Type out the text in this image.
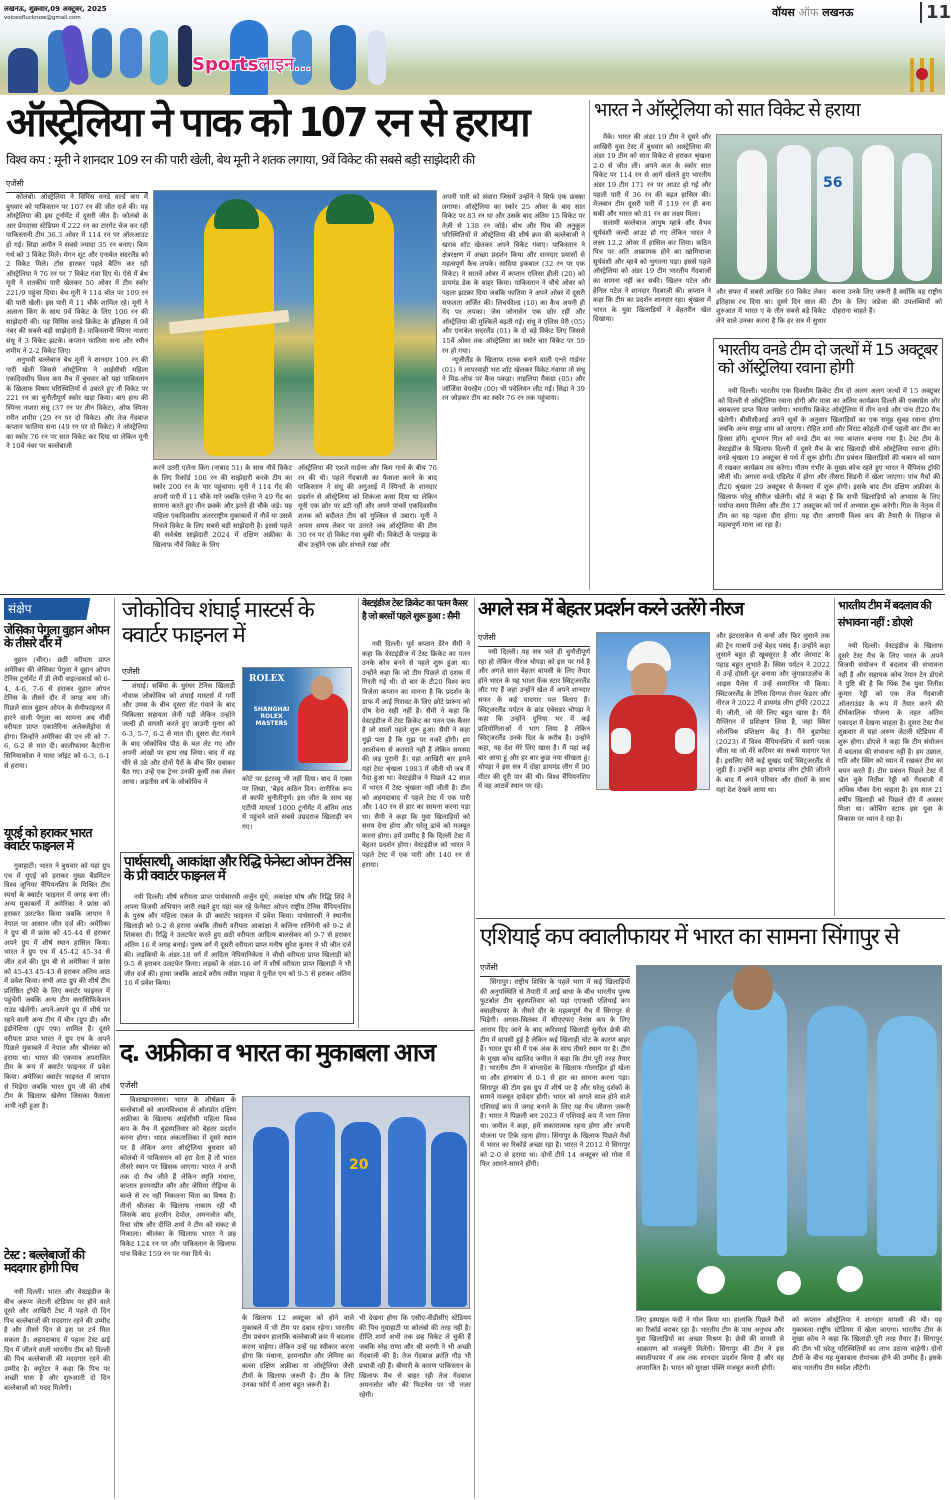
लखनऊ, शुक्रवार,09 अक्टूबर, 2025
voiceoflucknow@gmail.com
Sportsलाइन...
वॉयस ऑफ लखनऊ	11
ऑस्ट्रेलिया ने पाक को 107 रन से हराया
विश्व कप : मूनी ने शानदार 109 रन की पारी खेली, बेथ मूनी ने शतक लगाया, 9वें विकेट की सबसे बड़ी साझेदारी की
एजेंसी

कोलंबो। ऑस्ट्रेलिया ने विमिंस वनडे वर्ल्ड कप में बुधवार को पाकिस्तान पर 107 रन की जीत दर्ज की। यह ऑस्ट्रेलिया की इस टूर्नामेंट में दूसरी जीत है। कोलंबो के आर प्रेमदासा स्टेडियम में 222 रन का टारगेट चेज कर रही पाकिस्तानी टीम 36.3 ओवर में 114 रन पर ऑलआउट हो गई। सिद्रा अमीन ने सबसे ज्यादा 35 रन बनाए। किम गर्थ को 3 विकेट मिले। मेगन शूट और एनाबेल सदरलैंड को 2 विकेट मिले। टॉस हारकर पहले बैटिंग कर रही ऑस्ट्रेलिया ने 76 रन पर 7 विकेट गंवा दिए थे। ऐसे में बेथ मूनी ने शतकीय पारी खेलकर 50 ओवर में टीम स्कोर 221/9 पहुंचा दिया। बेथ मूनी ने 114 बॉल पर 109 रन की पारी खेली। इस पारी में 11 चौके शामिल रहे। मूनी ने अलाना किंग के साथ 9वें विकेट के लिए 106 रन की साझेदारी की। यह विमिंस वनडे क्रिकेट के इतिहास में 9वें नंबर की सबसे बड़ी साझेदारी है। पाकिस्तानी स्पिनर नाशरा संधू ने 3 विकेट झटके। कप्तान फातिमा सना और रमीन शमीम ने 2-2 विकेट लिए।

अनुभवी बल्लेबाज बेथ मूनी ने शानदार 109 रन की पारी खेली जिससे ऑस्ट्रेलिया ने आईसीसी महिला एकदिवसीय विश्व कप मैच में बुधवार को यहां पाकिस्तान के खिलाफ विषम परिस्थितियों से उबरते हुए नौ विकेट पर 221 रन का चुनौतीपूर्ण स्कोर खड़ा किया। बाएं हाथ की स्पिनर नाशरा संधू (37 रन पर तीन विकेट), ऑफ स्पिनर रमीन शमीम (29 रन पर दो विकेट) और तेज गेंदबाज कप्तान फातिमा सना (49 रन पर दो विकेट) ने ऑस्ट्रेलिया का स्कोर 76 रन पर सात विकेट कर दिया था लेकिन मूनी ने 10वें नंबर पर बल्लेबाजी

करने उतरी एलेना किंग (नाबाद 51) के साथ नौवें विकेट के लिए रिकॉर्ड 106 रन की साझेदारी करके टीम का स्कोर 200 रन के पार पहुंचाया। मूनी ने 114 गेंद की अपनी पारी में 11 चौके मारे जबकि एलेना ने 49 गेंद का सामना करते हुए तीन छक्के और इतने ही चौके जड़े। यह महिला एकदिवसीय अंतरराष्ट्रीय मुकाबलों में नौवें या उससे निचले विकेट के लिए सबसे बड़ी साझेदारी है। इससे पहले की सर्वश्रेष्ठ साझेदारी 2024 में दक्षिण अफ्रीका के खिलाफ नौवें विकेट के लिए

ऑस्ट्रेलिया की एशले गार्डनर और किम गार्थ के बीच 76 रन की थी। पहले गेंदबाजी का फैसला करने के बाद पाकिस्तान ने संधू की अगुआई में स्पिनरों के शानदार प्रदर्शन से ऑस्ट्रेलिया को शिकंजा कसा दिया था लेकिन मूनी एक छोर पर डटी रहीं और अपने पांचवें एकदिवसीय शतक को बदौलत टीम को मुश्किल से उबारा। मूनी ने अपना समय लेकर पर उतरते जब ऑस्ट्रेलिया की टीम 30 रन पर दो विकेट गंवा चुकी थी। विकेटों के पतझड़ के बीच उन्होंने एक छोर संभाले रखा और

अपनी पारी को संवारा जिसमें उन्होंने ने सिर्फ एक छक्का लगाया। ऑस्ट्रेलिया का स्कोर 25 ओवर के बाद सात विकेट पर 83 रन था और उसके बाद अंतिम 15 विकेट पर तेज़ी से 138 रन जोड़े। बोथ और पिच की अनुकूल परिस्थितियों में ऑस्ट्रेलिया की शीर्ष क्रम की बल्लेबाजी ने खराब शॉट खेलकर अपने विकेट गंवाए। पाकिस्तान ने क्षेत्ररक्षण में अच्छा प्रदर्शन किया और शानदार प्रयासों से महत्वपूर्ण कैच लपके। सादिया इकबाल (32 रन पर एक विकेट) ने सातवें ओवर में कप्तान एलिसा हीली (20) को डायमंड डेक के बाहर किया। पाकिस्तान ने चौथे ओवर को पहला झटका दिया जबकि फातिमा ने अपने ओवर में दूसरी सफलता अर्जित की। लिचफील्ड (10) का कैच अपनी ही गेंद पर लपका। जेस जोनासेन एक छोर रहीं और ऑस्ट्रेलिया की मुश्किलें बढ़ती गई। संधू ने एलिस पेरी (05) और एनाबेल सदरलैंड (01) के दो बड़े विकेट लिए जिससे 15वें ओवर तक ऑस्ट्रेलिया का स्कोर चार विकेट पर 59 रन हो गया।

न्यूजीलैंड के खिलाफ शतक बनाने वाली एश्ले गार्डनर (01) ने लापरवाही भरा शॉट खेलकर विकेट गंवाया तो संधू ने मिड-ऑफ पर कैच पकड़ा। ताहलिया मैकग्रा (05) और जॉर्जिया वेयरहैम (00) भी पवेलियन लौट गईं। सिद्रा ने 39 रन जोड़कर टीम का स्कोर 76 रन तक पहुंचाया।

भारत ने ऑस्ट्रेलिया को सात विकेट से हराया

मैके। भारत की अंडर 19 टीम ने दूसरे और आखिरी युवा टेस्ट में बुधवार को आस्ट्रेलिया की अंडर 19 टीम को सात विकेट से हराकर श्रृंखला 2-0 से जीत ली। अपने कल के स्कोर सात विकेट पर 114 रन से आगे खेलते हुए भारतीय अंडर 19 टीम 171 रन पर आउट हो गई और पहली पारी में 36 रन की बढ़त हासिल की। मेजबान टीम दूसरी पारी में 119 रन ही बना सकी और भारत को 81 रन का लक्ष्य मिला।

सलामी बल्लेबाज आयुष म्हात्रे और वैभव सूर्यवंशी जल्दी आउट हो गए लेकिन भारत ने लक्ष्य 12.2 ओवर में हासिल कर लिया। कठिन पिच पर अति आक्रामक होने का खामियाजा सूर्यवंशी और म्हात्रे को भुगतना पड़ा। इससे पहले ऑस्ट्रेलिया को अंडर 19 टीम भारतीय गेंदबाजों का सामना नहीं कर सकी। खिलन पटेल और हेनिल पटेल ने शानदार गेंदबाजी की। कप्तान ने कहा कि टीम का प्रदर्शन शानदार रहा। श्रृंखला में भारत के युवा खिलाड़ियों ने बेहतरीन खेल दिखाया।

56

और सफर में सबसे आखिर 69 विकेट लेकर इतिहास रच दिया था। दूसरे दिन साल की शुरुआत में भारत ए के तीन सबसे बड़े विकेट लेने वाले उनका करना है कि हर सत्र में सुधार करना उनके लिए जरूरी है क्योंकि वह राष्ट्रीय टीम के लिए जडेजा की उपलब्धियों को दोहराना चाहते हैं।

भारतीय वनडे टीम दो जत्थों में 15 अक्टूबर को ऑस्ट्रेलिया रवाना होगी

नयी दिल्ली। भारतीय एक दिवसीय क्रिकेट टीम दो अलग अलग जत्थों में 15 अक्टूबर को दिल्ली से ऑस्ट्रेलिया रवाना होगी और यात्रा का अंतिम कार्यक्रम दिल्ली की एक्सप्रेस ओर बसबल्ला प्राप्त किया जायेगा। भारतीय क्रिकेट ऑस्ट्रेलिया में तीन वनडे और पांच टी20 मैच खेलेगी। बीसीसीआई अपने सूत्रों के अनुसार खिलाड़ियों का एक समूह सुबह रवाना होगा जबकि अन्य समूह शाम को जाएगा। रोहित शर्मा और विराट कोहली दोनों पहली बार टीम का हिस्सा होंगे। शुभमन गिल को वनडे टीम का नया कप्तान बनाया गया है। टेस्ट टीम के वेस्टइंडीज के खिलाफ दिल्ली में दूसरे मैच के बाद खिलाड़ी सीधे ऑस्ट्रेलिया रवाना होंगे। वनडे श्रृंखला 19 अक्टूबर से पर्थ में शुरू होगी। टीम प्रबंधन खिलाड़ियों की थकान को ध्यान में रखकर कार्यक्रम तय करेगा। गौतम गंभीर के मुख्य कोच रहते हुए भारत ने चैंपियंस ट्रॉफी जीती थी। अगला वनडे एडिलेड में होगा और तीसरा सिडनी में खेला जाएगा। पांच मैचों की टी20 श्रृंखला 29 अक्टूबर से कैनबरा में शुरू होगी। इसके बाद टीम दक्षिण अफ्रीका के खिलाफ घरेलू सीरीज खेलेगी। बोर्ड ने कहा है कि सभी खिलाड़ियों को अभ्यास के लिए पर्याप्त समय मिलेगा और टीम 17 अक्टूबर को पर्थ में अभ्यास शुरू करेगी। गिल के नेतृत्व में टीम का यह पहला दौरा होगा। यह दौरा आगामी विश्व कप की तैयारी के लिहाज से महत्वपूर्ण माना जा रहा है।

संक्षेप
जेसिका पेगुला वुहान ओपन के तीसरे दौर में

वुहान (चीन)। छठी वरीयता प्राप्त अमेरिका की जेसिका पेगुला ने वुहान ओपन टेनिस टूर्नामेंट में डी लेयी वाइल्डकार्ड को 6-4, 4-6, 7-6 से हराकर वुहान ओपन टेनिस के तीसरे दौर में जगह बना ली। पिछले साल वुहान ओपन के सेमीफाइनल में हारने वाली पेगुला का सामना अब नौवीं वरीयता प्राप्त एकातेरिना अलेक्जेंड्रोवा से होगा। जिन्होंने अमेरिका की एन ली को 7-6, 6-2 से मात दी। कालीफायर कैटरीना सिनियाकोवा ने माया जॉइंट को 6-3, 6-1 से हराया।

यूएई को हराकर भारत क्वार्टर फाइनल में

गुवाहाटी। भारत ने बुधवार को यहां ग्रुप एच में यूएई को हराकर मुख्य बैडमिंटन विश्व जूनियर चैंपियनशिप के मिश्रित टीम स्पर्धा के क्वार्टर फाइनल में जगह बना ली। अन्य मुकाबलों में अमेरिका ने फ्रांस को हराकर उलटफेर किया जबकि जापान ने नेपाल पर आसान जीत दर्ज की। अमेरिका ने ग्रुप बी में फ्रांस को 45-44 से हराकर अपने ग्रुप में शीर्ष स्थान हासिल किया। भारत ने ग्रुप एच में 45-42 45-34 से जीत दर्ज की। ग्रुप बी से अमेरिका ने फ्रांस को 45-43 45-43 से हराकर अंतिम आठ में प्रवेश किया। सभी आठ ग्रुप की शीर्ष टीम प्रतिष्ठित ट्रॉफी के लिए क्वार्टर फाइनल में पहुंचेंगी जबकि अन्य टीम क्लासिफिकेशन राउंड खेलेंगी। अपने-अपने ग्रुप में शीर्ष पर रहने वाली अन्य टीम में चीन (ग्रुप डी) और इंडोनेशिया (ग्रुप एफ) शामिल हैं। दूसरे वरीयता प्राप्त भारत ने ग्रुप एच के अपने पिछले मुकाबले में नेपाल और श्रीलंका को हराया था। भारत की एकमात्र अपराजित टीम के रूप में क्वार्टर फाइनल में प्रवेश किया। अमेरिका क्वार्टर फाइनल में जापान से भिड़ेगा जबकि भारत ग्रुप जी की शीर्ष टीम के खिलाफ खेलेगा जिसका फैसला अभी नहीं हुआ है।

टेस्ट : बल्लेबाजों की मददगार होगी पिच

नयी दिल्ली। भारत और वेस्टइंडीज के बीच अरूण जेटली स्टेडियम पर होने वाले दूसरे और आखिरी टेस्ट में पहले दो दिन पिच बल्लेबाजों की मददगार रहने की उम्मीद है और तीसरे दिन से इस पर टर्न मिल सकता है। अहमदाबाद में पहला टेस्ट ढाई दिन में जीतने वाली भारतीय टीम को दिल्ली की पिच बल्लेबाजी की मददगार रहने की उम्मीद है। क्यूरेटर ने कहा कि पिच पर अच्छी घास है और शुरुआती दो दिन बल्लेबाजों को मदद मिलेगी।

जोकोविच शंघाई मास्टर्स के क्वार्टर फाइनल में
एजेंसी

शंघाई। सर्बिया के धुरंधर टेनिस खिलाड़ी नोवाक जोकोविच को शंघाई मास्टर्स में गर्मी और उमस के बीच दूसरा सेट गंवाने के बाद चिकित्सा सहायता लेनी पड़ी लेकिन उन्होंने जल्दी ही वापसी करते हुए जाउमी मुनार को 6-3, 5-7, 6-2 से मात दी। दूसरा सेट गंवाने के बाद जोकोविच पीठ के बल लेट गए और अपनी आंखों पर हाथ रख लिया। बाद में वह धीरे से उठे और दोनों पैरों के बीच सिर दबाकर बैठ गए। उन्हें एक ट्रेनर उनकी कुर्सी तक लेकर आया। अड़तीस वर्ष के जोकोविच ने

ROLEX
SHANGHAI ROLEX MASTERS

कोर्ट पर इंटरव्यू भी नहीं दिया। बाद में एक्स पर लिखा, 'बेहद कठिन दिन। शारीरिक रूप से काफी चुनौतीपूर्ण। इस जीत के साथ वह एटीपी मास्टर्स 1000 टूर्नामेंट में अंतिम आठ में पहुंचने वाले सबसे उम्रदराज खिलाड़ी बन गए।

पार्थसारथी, आकांक्षा और रिद्धि फेनेस्टा ओपन टेनिस के प्री क्वार्टर फाइनल में

नयी दिल्ली। शीर्ष वरीयता प्राप्त पार्थसारथी अर्जुन मुंधे, अकांक्षा घोष और रिद्धि शिंदे ने अपना विजयी अभियान जारी रखते हुए यहां चल रहे फेनेस्टा ओपन राष्ट्रीय टेनिस चैंपियनशिप के पुरुष और महिला एकल के प्री क्वार्टर फाइनल में प्रवेश किया। पार्थसारथी ने स्थानीय खिलाड़ी को 9-2 से हराया जबकि तीसरी वरीयता आकांक्षा ने कलिना रानिंगेनी को 9-2 से शिकस्त दी। रिद्धि ने उलटफेर करते हुए छठी वरीयता आदित्य बालसेकर को 9-7 से हराकर अंतिम 16 में जगह बनाई। पुरुष वर्ग में दूसरी वरीयता प्राप्त मनीष सुरेश कुमार ने भी जीत दर्ज की। लड़कियों के अंडर-18 वर्ग में आदिता नेपियानिकेता ने चौथी वरीयता प्राप्त खिलाड़ी को 9-5 से हराकर उलटफेर किया। लड़कों के अंडर-16 वर्ग में शीर्ष वरीयता प्राप्त खिलाड़ी ने भी जीत दर्ज की। हाथा जबकि आठवें वरीय तवीश पाहवा ने पुनीत एम को 9-5 से हराकर अंतिम 16 में प्रवेश किया।

वेस्टइंडीज टेस्ट क्रिकेट का पतन कैसर है जो बरसों पहले शुरू हुआ : सैमी

नयी दिल्ली। पूर्व कप्तान डेरेन सैमी ने कहा कि वेस्टइंडीज में टेस्ट क्रिकेट का पतन उनके कोच बनने से पहले शुरू हुआ था। उन्होंने कहा कि जो टीम पिछले दो दशक में गिरती गई थी। दो बार के टी20 विश्व कप विजेता कप्तान का मानना है कि प्रदर्शन के ग्राफ में आई गिरावट के लिए छोटे प्रारूप को दोष देना सही नहीं है। सैमी ने कहा कि वेस्टइंडीज में टेस्ट क्रिकेट का पतन एक कैंसर है जो सालों पहले शुरू हुआ। सैमी ने कहा मुझे पता है कि मुझ पर नजरें होंगी। हम आलोचना से कतराते नहीं हैं लेकिन समस्या की जड़ पुरानी है। यहां आखिरी बार हमने यहां टेस्ट श्रृंखला 1983 में जीती थी जब मैं पैदा हुआ था। वेस्टइंडीज ने पिछले 42 साल में भारत में टेस्ट श्रृंखला नहीं जीती है। टीम को अहमदाबाद में पहले टेस्ट में एक पारी और 140 रन से हार का सामना करना पड़ा था। सैमी ने कहा कि युवा खिलाड़ियों को समय देना होगा और घरेलू ढांचे को मजबूत करना होगा। हमें उम्मीद है कि दिल्ली टेस्ट में बेहतर प्रदर्शन होगा। वेस्टइंडीज को भारत ने पहले टेस्ट में एक पारी और 140 रन से हराया।

अगले सत्र में बेहतर प्रदर्शन करने उतरेंगे नीरज
एजेंसी

नयी दिल्ली। यह सत्र भले ही चुनौतीपूर्ण रहा हो लेकिन नीरज चोपड़ा को इस पर गर्व है और अगले साल बेहतर वापसी के लिए तैयार होने भारत के यह भाला फेंक स्टार स्विट्जरलैंड लौट गए हैं जहां उन्होंने खेल में अपने शानदार सफर के कई यादगार पल बिताए हैं। स्विट्जरलैंड पर्यटन के ब्रांड एंबेसडर चोपड़ा ने कहा कि उन्होंने दुनिया भर में कई प्रतियोगिताओं में भाग लिया है लेकिन स्विट्जरलैंड उनके दिल के करीब है। उन्होंने कहा, यह देश मेरे लिए खास है। मैं यहां कई बार आया हूं और हर बार कुछ नया सीखता हूं। चोपड़ा ने इस सत्र में दोहा डायमंड लीग में 90 मीटर की दूरी पार की थी। विश्व चैंपियनशिप में वह आठवें स्थान पर रहे।

और इंटरलाकेन से बर्न्स और फिर लुसाने तक की ट्रेन यात्रायें उन्हें बेहद पसंद हैं। उन्होंने कहा लुसाने बहुत ही खूबसूरत है और जेरमाट के पहाड़ बहुत लुभाते हैं। स्विस पर्यटन ने 2022 में उन्हें दोस्ती दूत बनाया और जुंगफ्राउजोच के आइस पैलेस में उन्हें सम्मानित भी किया। स्विटजरलैंड के टेनिस दिग्गज रोजर फेडरर और नीरज ने 2022 में डायमंड लीग ट्रॉफी (2022 में) जीती, जो मेरे लिए बहुत खास है। मैंने मैग्लिंगन में प्रशिक्षण लिया है, जहां स्विस ओलंपिक प्रशिक्षण केंद्र है। मैंने बुडापेस्ट (2023) में विश्व चैंपियनशिप में स्वर्ण पदक जीता था जो मेरे करियर का सबसे यादगार पल है। इसलिए मेरी कई सुखद यादें स्विट्जरलैंड से जुड़ी हैं। उन्होंने कहा डायमंड लीग ट्रॉफी जीतने के बाद मैं अपने परिवार और दोस्तों के साथ यहां देश देखने आया था।

भारतीय टीम में बदलाव की संभावना नहीं : डोएशे

नयी दिल्ली। वेस्टइंडीज के खिलाफ दूसरे टेस्ट मैच के लिए भारत के अपने विजयी संयोजन में बदलाव की संभावना नहीं है और सहायक कोच रेयान टेन डोएशे ने पुष्टि की है कि थिंक टैंक युवा नितीश कुमार रेड्डी को एक तेज गेंदबाजी ऑलराउंडर के रूप में तैयार करने की दीर्घकालिक योजना के तहत अंतिम एकादश में देखना चाहता है। दूसरा टेस्ट मैच शुक्रवार से यहां अरुण जेटली स्टेडियम में शुरू होगा। डोएशे ने कहा कि टीम संयोजन में बदलाव की संभावना नहीं है। हम उछाल, गति और स्विंग को ध्यान में रखकर टीम का चयन करते हैं। टीम प्रबंधन पिछले टेस्ट में खेल चुके नितीश रेड्डी को गेंदबाजी में अधिक मौका देना चाहता है। इस साल 21 वर्षीय खिलाड़ी को पिछले दौरे में अवसर मिला था। कोचिंग स्टाफ इस युवा के विकास पर ध्यान दे रहा है।

एशियाई कप क्वालीफायर में भारत का सामना सिंगापुर से
एजेंसी

सिंगापुर। राष्ट्रीय शिविर के पहले भाग में कई खिलाड़ियों की अनुपस्थिति से तैयारी में आई बाधा के बीच भारतीय पुरुष फुटबॉल टीम बृहस्पतिवार को यहां एएफसी एशियाई कप क्वालीफायर के तीसरे दौर के महत्वपूर्ण मैच में सिंगापुर से भिड़ेगी। अगस्त-सितंबर में सीएएफए नेशंस कप के लिए आराम दिए जाने के बाद करिश्माई खिलाड़ी सुनील छेत्री की टीम में वापसी हुई है लेकिन कई खिलाड़ी चोट के कारण बाहर हैं। भारत ग्रुप सी में एक अंक के साथ तीसरे स्थान पर है। टीम के मुख्य कोच खालिद जमील ने कहा कि टीम पूरी तरह तैयार है। भारतीय टीम ने बांग्लादेश के खिलाफ गोलरहित ड्रॉ खेला था और हांगकांग से 0-1 से हार का सामना करना पड़ा। सिंगापुर की टीम इस ग्रुप में शीर्ष पर है और घरेलू दर्शकों के सामने मजबूत दावेदार होगी। भारत को अगले साल होने वाले एशियाई कप में जगह बनाने के लिए यह मैच जीतना जरूरी है। भारत ने पिछली बार 2023 में एशियाई कप में भाग लिया था। जमील ने कहा, हमें सकारात्मक रहना होगा और अपनी योजना पर टिके रहना होगा। सिंगापुर के खिलाफ पिछले मैचों में भारत का रिकॉर्ड अच्छा रहा है। भारत ने 2012 में सिंगापुर को 2-0 से हराया था। दोनों टीमें 14 अक्टूबर को गोवा में फिर आमने-सामने होंगी।

लिए इस्माइल फंदी ने गोल किया था। हालांकि पिछले मैचों का रिकॉर्ड बराबर रहा है। भारतीय टीम के पास अनुभव और युवा खिलाड़ियों का अच्छा मिश्रण है। छेत्री की वापसी से आक्रमण को मजबूती मिलेगी। सिंगापुर की टीम ने इस क्वालीफायर में अब तक शानदार प्रदर्शन किया है और वह अपराजित है। भारत को सुरक्षा पंक्ति मजबूत करनी होगी।

को कप्तान ऑस्ट्रेलिया ने शानदार वापसी की थी। यह मुकाबला राष्ट्रीय स्टेडियम में खेला जाएगा। भारतीय टीम के मुख्य कोच ने कहा कि खिलाड़ी पूरी तरह तैयार हैं। सिंगापुर की टीम भी घरेलू परिस्थितियों का लाभ उठाना चाहेगी। दोनों टीमों के बीच यह मुकाबला रोमांचक होने की उम्मीद है। इसके बाद भारतीय टीम स्वदेश लौटेगी।

द. अफ्रीका व भारत का मुकाबला आज
एजेंसी

विशाखापत्तनम। भारत के शीर्षक्रम के बल्लेबाजों को आत्मविश्वास से ओतप्रोत दक्षिण अफ्रीका के खिलाफ आईसीसी महिला विश्व कप के मैच में बृहस्पतिवार को बेहतर प्रदर्शन करना होगा। भारत अंकतालिका में दूसरे स्थान पर है लेकिन अगर ऑस्ट्रेलिया बुधवार को कोलंबो में पाकिस्तान को हरा देता है तो भारत तीसरे स्थान पर खिसक जाएगा। भारत ने अभी तक दो मैच जीते हैं लेकिन स्मृति मंधाना, कप्तान हरमनप्रीत कौर और जेमिमा रोड्रिग्स के बल्ले से रन नहीं निकलना चिंता का विषय है। तीनों श्रीलंका के खिलाफ नाकाम रही थी जिसके बाद हरलीन देयोल, अमनजोत कौर, रिचा घोष और दीप्ति शर्मा ने टीम को संकट से निकाला। श्रीलंका के खिलाफ भारत ने छह विकेट 124 रन पर और पाकिस्तान के खिलाफ पांच विकेट 159 रन पर गंवा दिये थे।

20

के खिलाफ 12 अक्टूबर को होने वाले मुकाबले में भी टीम पर दबाव रहेगा। भारतीय टीम प्रबंधन हालांकि बल्लेबाजी क्रम में बदलाव करना चाहेगा। लेकिन उन्हें यह स्वीकार करना होगा कि मंधाना, हरमनप्रीत और जेमिमा का बल्ला दक्षिण अफ्रीका या ऑस्ट्रेलिया जैसी टीमों के खिलाफ जरूरी है। टीम के लिए उनका फॉर्म में आना बहुत जरूरी है।

भी देखना होगा कि एसीए-वीडीसीए स्टेडियम की पिच गुवाहाटी या कोलंबो की तरह नहीं है। दीप्ति शर्मा अभी तक छह विकेट ले चुकी हैं जबकि स्नेह राणा और श्री चरणी ने भी अच्छी गेंदबाजी की है। तेज गेंदबाज क्रांति गौड़ भी प्रभावी रही हैं। बीमारी के कारण पाकिस्तान के खिलाफ मैच से बाहर रही तेज गेंदबाज अमनजोत कौर की फिटनेस पर भी नजर रहेगी।
